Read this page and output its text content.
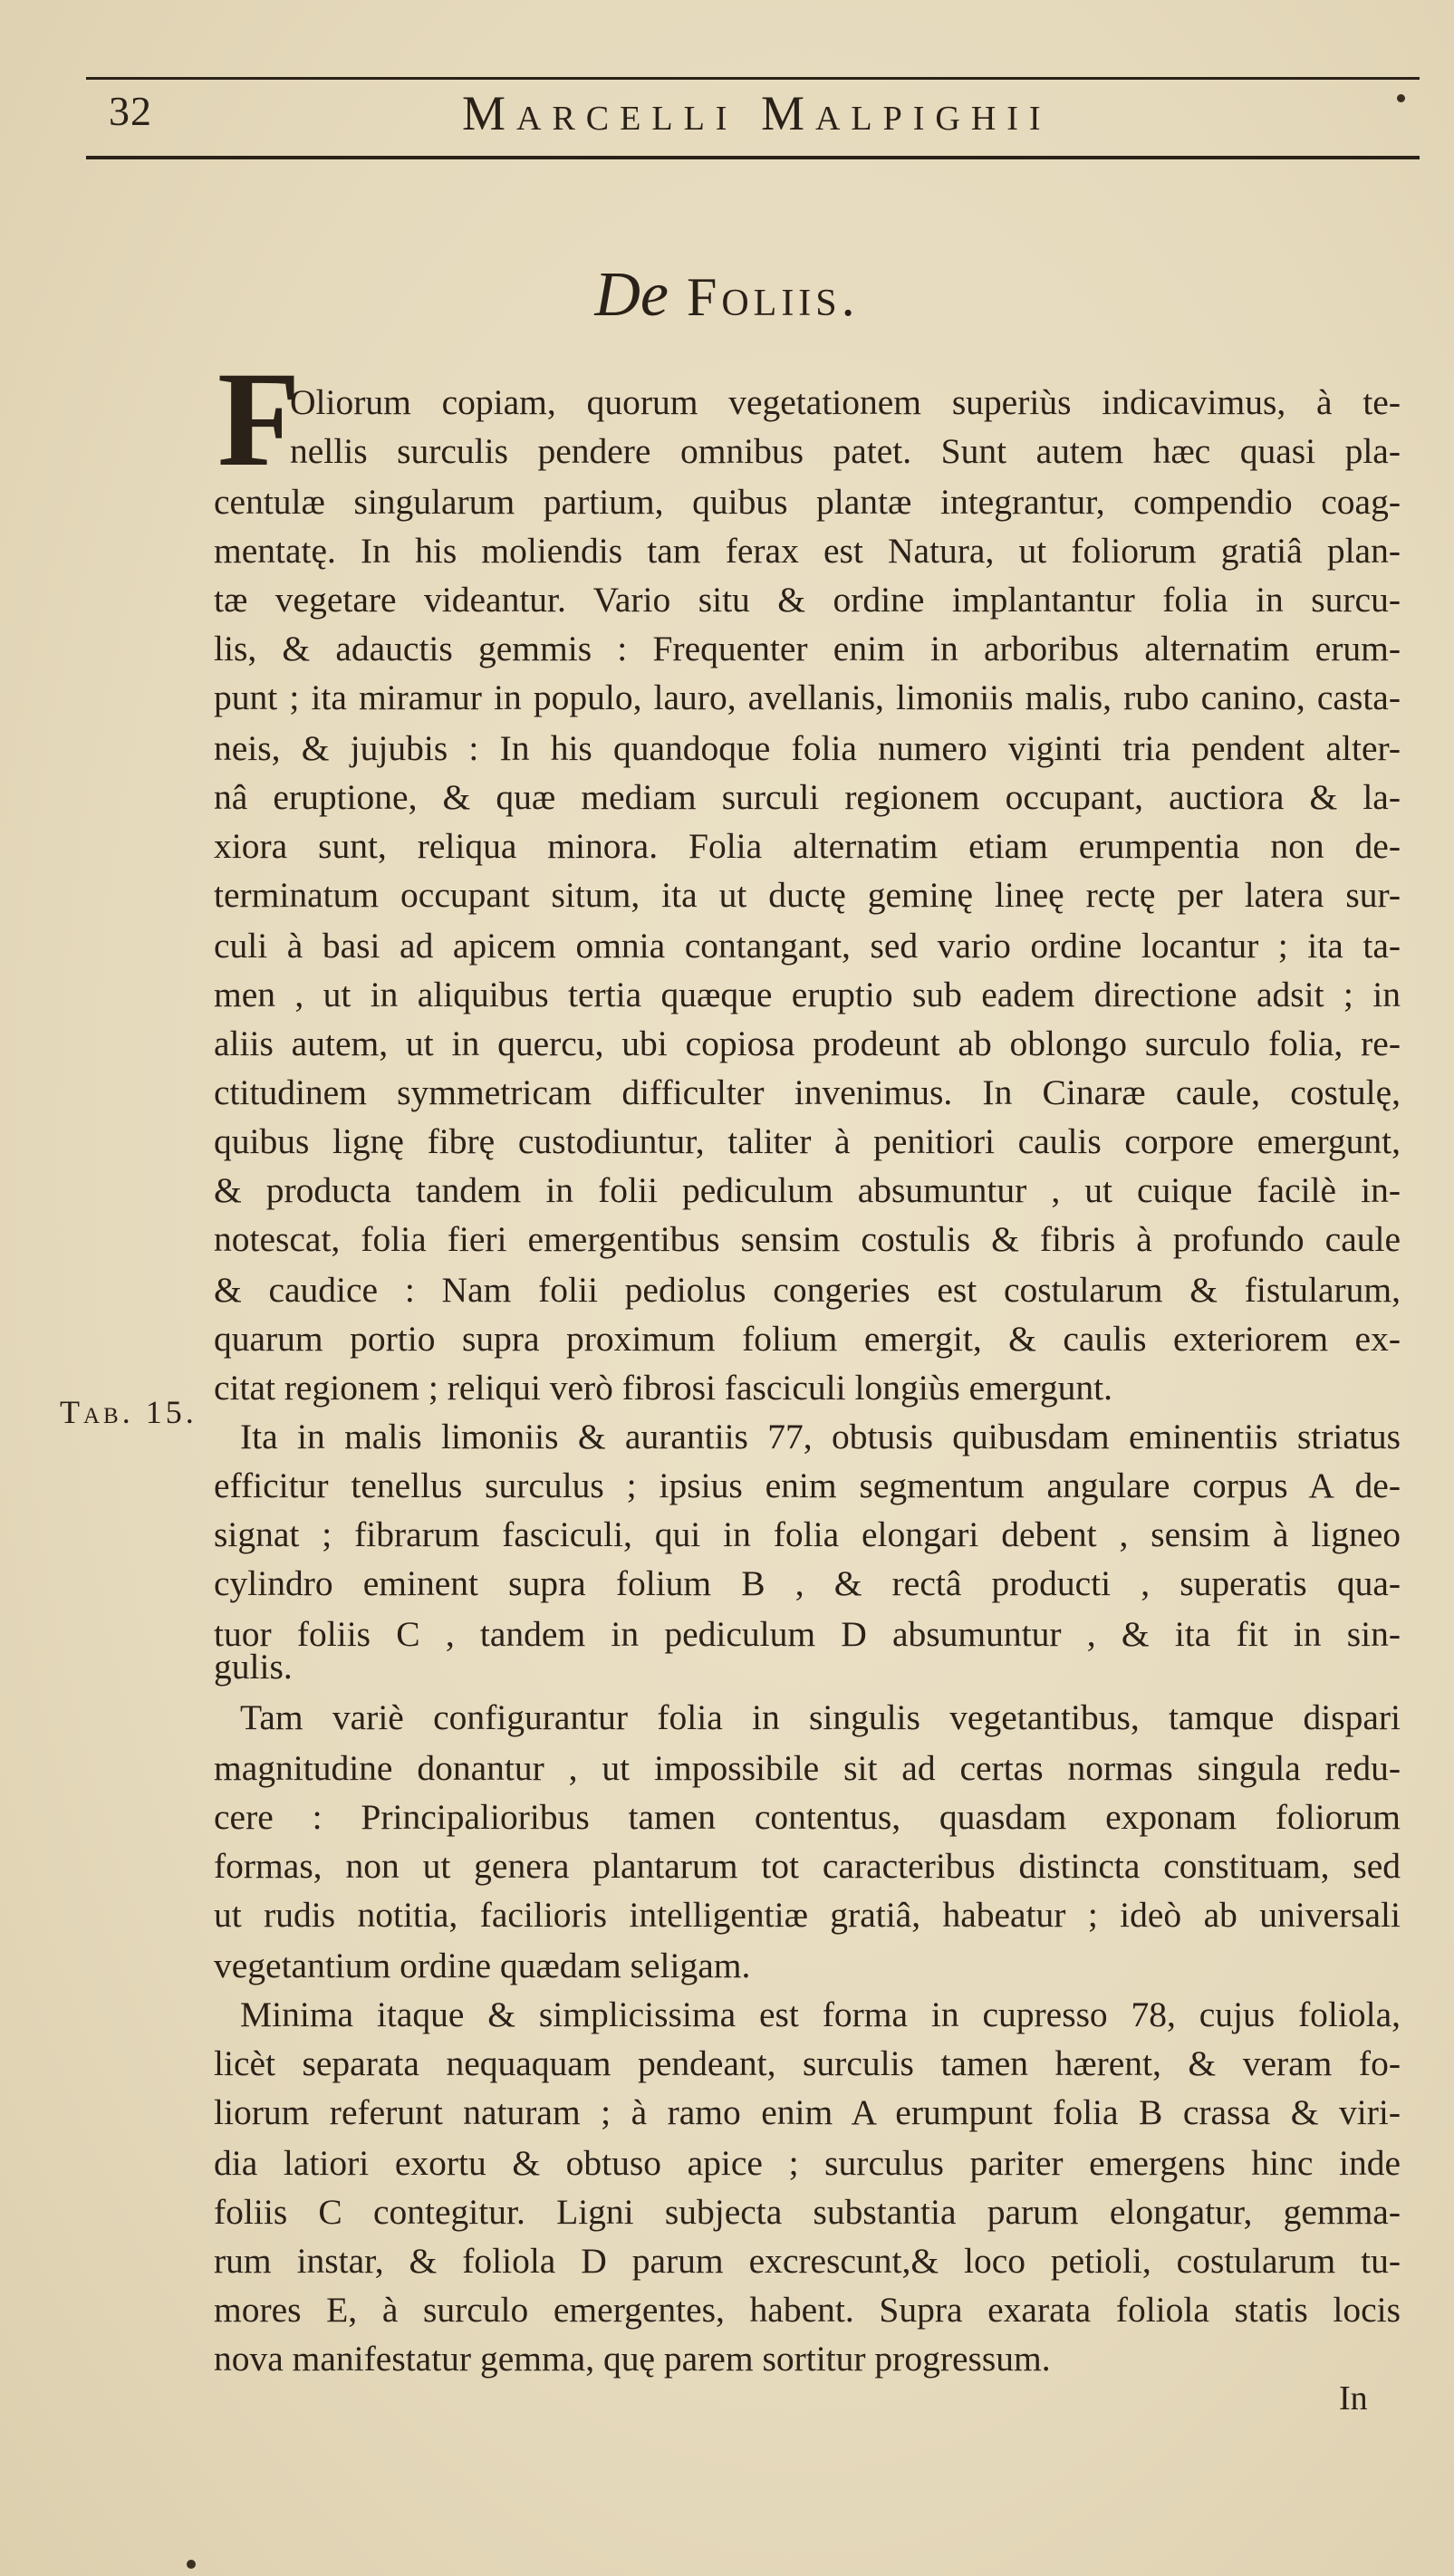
32	Marcelli Malpighii
De Foliis.
F
Tab. 15.
Oliorum copiam, quorum vegetationem superiùs indicavimus, à te-
nellis surculis pendere omnibus patet. Sunt autem hæc quasi pla-
centulæ singularum partium, quibus plantæ integrantur, compendio coag-
mentatę. In his moliendis tam ferax est Natura, ut foliorum gratiâ plan-
tæ vegetare videantur. Vario situ & ordine implantantur folia in surcu-
lis, & adauctis gemmis : Frequenter enim in arboribus alternatim erum-
punt ; ita miramur in populo, lauro, avellanis, limoniis malis, rubo canino, casta-
neis, & jujubis : In his quandoque folia numero viginti tria pendent alter-
nâ eruptione, & quæ mediam surculi regionem occupant, auctiora & la-
xiora sunt, reliqua minora. Folia alternatim etiam erumpentia non de-
terminatum occupant situm, ita ut ductę geminę lineę rectę per latera sur-
culi à basi ad apicem omnia contangant, sed vario ordine locantur ; ita ta-
men , ut in aliquibus tertia quæque eruptio sub eadem directione adsit ; in
aliis autem, ut in quercu, ubi copiosa prodeunt ab oblongo surculo folia, re-
ctitudinem symmetricam difficulter invenimus. In Cinaræ caule, costulę,
quibus lignę fibrę custodiuntur, taliter à penitiori caulis corpore emergunt,
& producta tandem in folii pediculum absumuntur , ut cuique facilè in-
notescat, folia fieri emergentibus sensim costulis & fibris à profundo caule
& caudice : Nam folii pediolus congeries est costularum & fistularum,
quarum portio supra proximum folium emergit, & caulis exteriorem ex-
citat regionem ; reliqui verò fibrosi fasciculi longiùs emergunt.
Ita in malis limoniis & aurantiis 77, obtusis quibusdam eminentiis striatus
efficitur tenellus surculus ; ipsius enim segmentum angulare corpus A de-
signat ; fibrarum fasciculi, qui in folia elongari debent , sensim à ligneo
cylindro eminent supra folium B , & rectâ producti , superatis qua-
tuor foliis C , tandem in pediculum D absumuntur , & ita fit in sin-
gulis.
Tam variè configurantur folia in singulis vegetantibus, tamque dispari
magnitudine donantur , ut impossibile sit ad certas normas singula redu-
cere : Principalioribus tamen contentus, quasdam exponam foliorum
formas, non ut genera plantarum tot caracteribus distincta constituam, sed
ut rudis notitia, facilioris intelligentiæ gratiâ, habeatur ; ideò ab universali
vegetantium ordine quædam seligam.
Minima itaque & simplicissima est forma in cupresso 78, cujus foliola,
licèt separata nequaquam pendeant, surculis tamen hærent, & veram fo-
liorum referunt naturam ; à ramo enim A erumpunt folia B crassa & viri-
dia latiori exortu & obtuso apice ; surculus pariter emergens hinc inde
foliis C contegitur. Ligni subjecta substantia parum elongatur, gemma-
rum instar, & foliola D parum excrescunt,& loco petioli, costularum tu-
mores E, à surculo emergentes, habent. Supra exarata foliola statis locis
nova manifestatur gemma, quę parem sortitur progressum.
In
